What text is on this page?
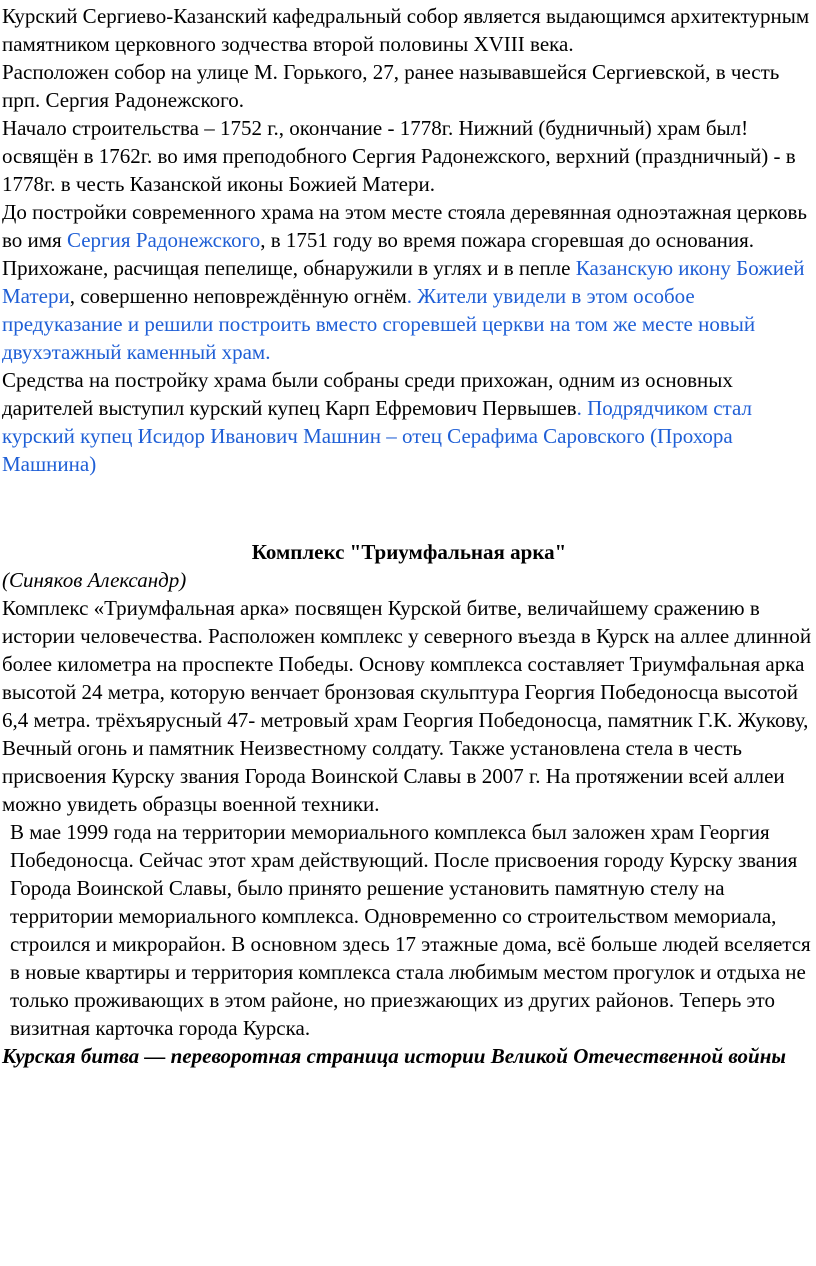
Курский Сергиево-Казанский кафедральный собор является выдающимся архитектурным памятником церковного зодчества второй половины XVIII века.

Расположен собор на улице М. Горького, 27, ранее называвшейся Сергиевской, в честь прп. Сергия Радонежского.

Начало строительства – 1752 г., окончание - 1778г. Нижний (будничный) храм был! освящён в 1762г. во имя преподобного Сергия Радонежского, верхний (праздничный) - в 1778г. в честь Казанской иконы Божией Матери.

До постройки современного храма на этом месте стояла деревянная одноэтажная церковь во имя Сергия Радонежского, в 1751 году во время пожара сгоревшая до основания. Прихожане, расчищая пепелище, обнаружили в углях и в пепле Казанскую икону Божией Матери, совершенно неповреждённую огнём. Жители увидели в этом особое предуказание и решили построить вместо сгоревшей церкви на том же месте новый двухэтажный каменный храм.

Средства на постройку храма были собраны среди прихожан, одним из основных дарителей выступил курский купец Карп Ефремович Первышев. Подрядчиком стал курский купец Исидор Иванович Машнин – отец Серафима Саровского (Прохора Машнина)

Комплекс "Триумфальная арка"

(Синяков Александр)

Комплекс «Триумфальная арка» посвящен Курской битве, величайшему сражению в истории человечества. Расположен комплекс у северного въезда в Курск на аллее длинной более километра на проспекте Победы. Основу комплекса составляет Триумфальная арка высотой 24 метра, которую венчает бронзовая скульптура Георгия Победоносца высотой 6,4 метра. трёхъярусный 47- метровый храм Георгия Победоносца, памятник Г.К. Жукову, Вечный огонь и памятник Неизвестному солдату. Также установлена стела в честь присвоения Курску звания Города Воинской Славы в 2007 г. На протяжении всей аллеи можно увидеть образцы военной техники.

В мае 1999 года на территории мемориального комплекса был заложен храм Георгия Победоносца. Сейчас этот храм действующий. После присвоения городу Курску звания Города Воинской Славы, было принято решение установить памятную стелу на территории мемориального комплекса. Одновременно со строительством мемориала, строился и микрорайон. В основном здесь 17 этажные дома, всё больше людей вселяется в новые квартиры и территория комплекса стала любимым местом прогулок и отдыха не только проживающих в этом районе, но приезжающих из других районов. Теперь это визитная карточка города Курска.

Курская битва — переворотная страница истории Великой Отечественной войны
